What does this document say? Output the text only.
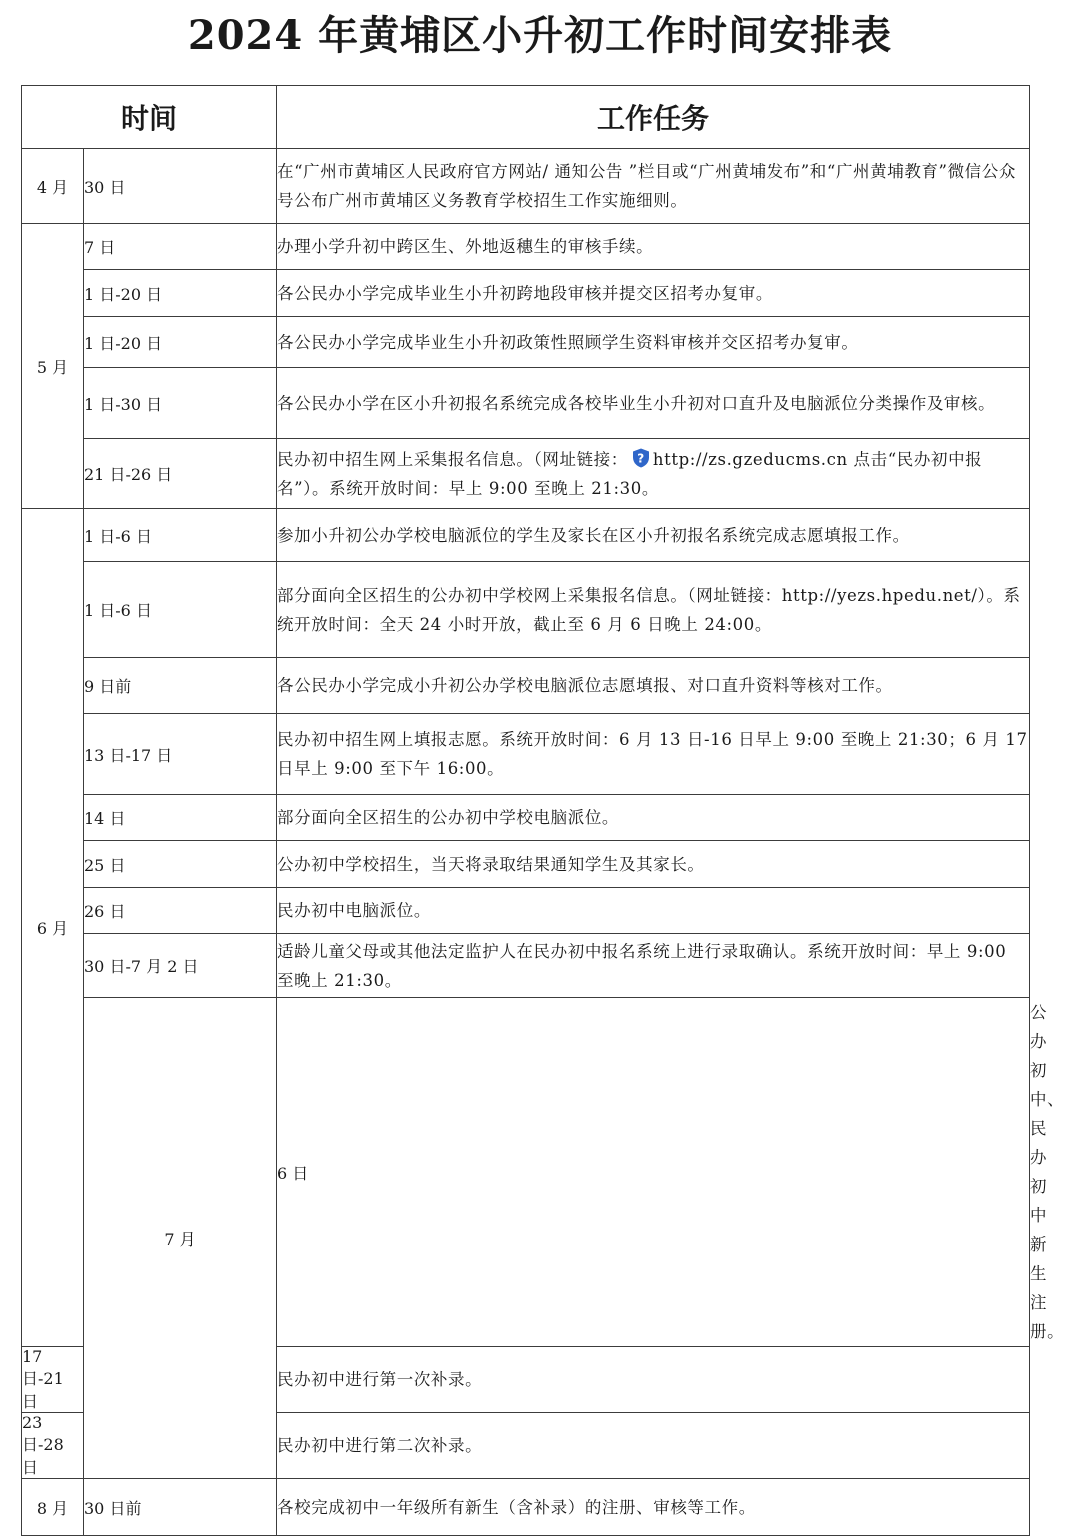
2024 年黄埔区小升初工作时间安排表
时间		工作任务	
4 月	30 日	在“广州市黄埔区人民政府官方网站/ 通知公告 ”栏目或“广州黄埔发布”和“广州黄埔教育”微信公众号公布广州市黄埔区义务教育学校招生工作实施细则。	
5 月	7 日	办理小学升初中跨区生、外地返穗生的审核手续。	
	1 日-20 日	各公民办小学完成毕业生小升初跨地段审核并提交区招考办复审。	
	1 日-20 日	各公民办小学完成毕业生小升初政策性照顾学生资料审核并交区招考办复审。	
	1 日-30 日	各公民办小学在区小升初报名系统完成各校毕业生小升初对口直升及电脑派位分类操作及审核。	
	21 日-26 日	民办初中招生网上采集报名信息。（网址链接： ? http://zs.gzeducms.cn 点击“民办初中报名”）。系统开放时间：早上 9:00 至晚上 21:30。	
6 月	1 日-6 日	参加小升初公办学校电脑派位的学生及家长在区小升初报名系统完成志愿填报工作。	
	1 日-6 日	部分面向全区招生的公办初中学校网上采集报名信息。（网址链接：http://yezs.hpedu.net/）。系统开放时间：全天 24 小时开放，截止至 6 月 6 日晚上 24:00。	
	9 日前	各公民办小学完成小升初公办学校电脑派位志愿填报、对口直升资料等核对工作。	
	13 日-17 日	民办初中招生网上填报志愿。系统开放时间：6 月 13 日-16 日早上 9:00 至晚上 21:30；6 月 17 日早上 9:00 至下午 16:00。	
	14 日	部分面向全区招生的公办初中学校电脑派位。	
	25 日	公办初中学校招生，当天将录取结果通知学生及其家长。	
	26 日	民办初中电脑派位。	
	30 日-7 月 2 日	适龄儿童父母或其他法定监护人在民办初中报名系统上进行录取确认。系统开放时间：早上 9:00 至晚上 21:30。	
	7 月	6 日	公办初中、民办初中新生注册。
17 日-21 日		民办初中进行第一次补录。	
23 日-28 日		民办初中进行第二次补录。	
8 月	30 日前	各校完成初中一年级所有新生（含补录）的注册、审核等工作。	
